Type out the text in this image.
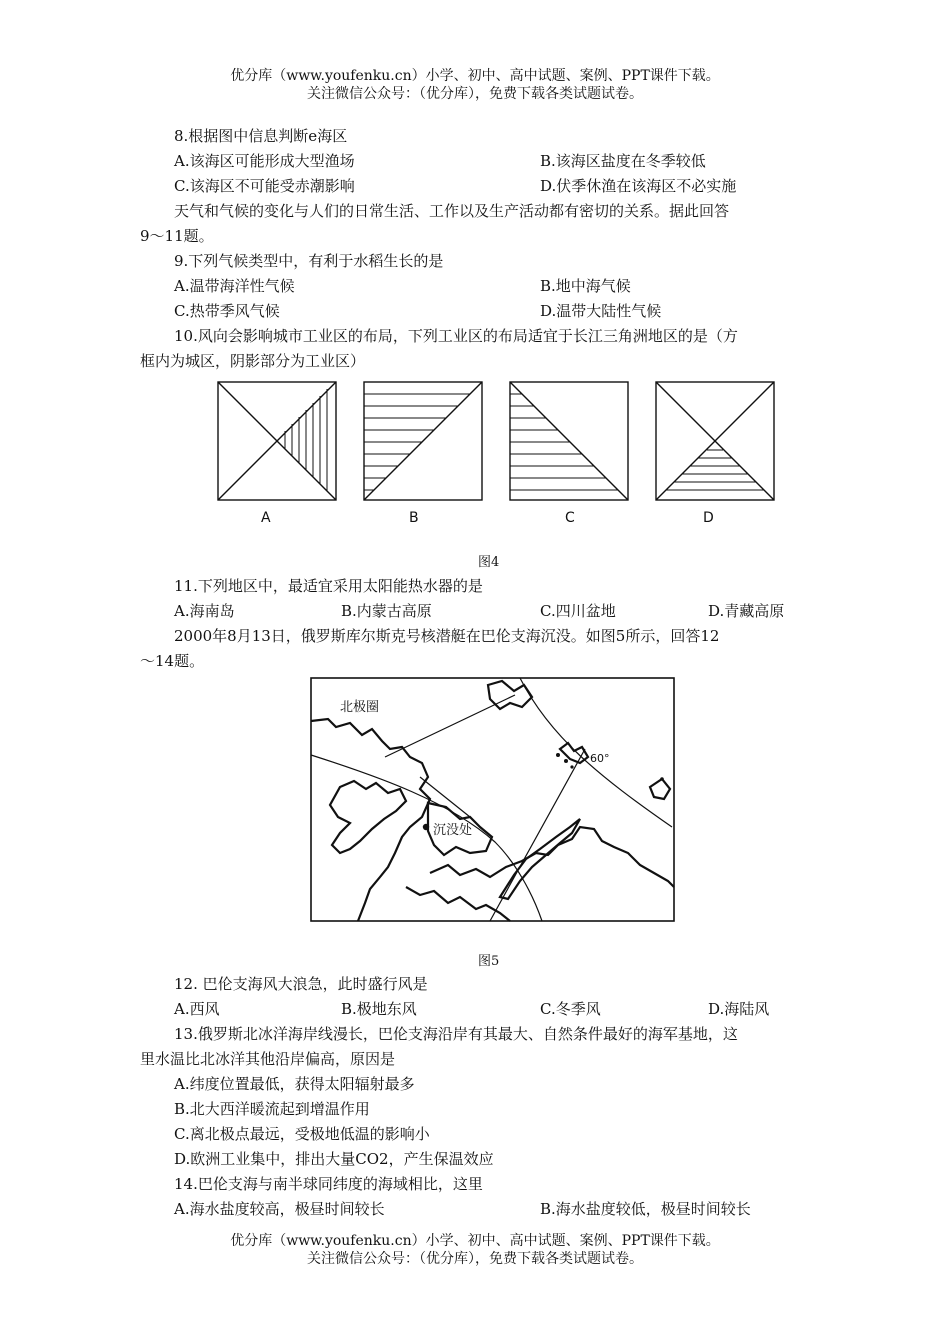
优分库（www.youfenku.cn）小学、初中、高中试题、案例、PPT课件下载。
关注微信公众号：（优分库），免费下载各类试题试卷。
8.根据图中信息判断e海区
A.该海区可能形成大型渔场	B.该海区盐度在冬季较低
C.该海区不可能受赤潮影响	D.伏季休渔在该海区不必实施
天气和气候的变化与人们的日常生活、工作以及生产活动都有密切的关系。据此回答
9～11题。
9.下列气候类型中，有利于水稻生长的是
A.温带海洋性气候	B.地中海气候
C.热带季风气候	D.温带大陆性气候
10.风向会影响城市工业区的布局，下列工业区的布局适宜于长江三角洲地区的是（方
框内为城区，阴影部分为工业区）
A	B	C	D
图4
11.下列地区中，最适宜采用太阳能热水器的是
A.海南岛	B.内蒙古高原	C.四川盆地	D.青藏高原
2000年8月13日，俄罗斯库尔斯克号核潜艇在巴伦支海沉没。如图5所示，回答12
～14题。
北极圈
沉没处
60°
图5
12. 巴伦支海风大浪急，此时盛行风是
A.西风	B.极地东风	C.冬季风	D.海陆风
13.俄罗斯北冰洋海岸线漫长，巴伦支海沿岸有其最大、自然条件最好的海军基地，这
里水温比北冰洋其他沿岸偏高，原因是
A.纬度位置最低，获得太阳辐射最多
B.北大西洋暖流起到增温作用
C.离北极点最远，受极地低温的影响小
D.欧洲工业集中，排出大量CO2，产生保温效应
14.巴伦支海与南半球同纬度的海域相比，这里
A.海水盐度较高，极昼时间较长	B.海水盐度较低，极昼时间较长
优分库（www.youfenku.cn）小学、初中、高中试题、案例、PPT课件下载。
关注微信公众号：（优分库），免费下载各类试题试卷。
